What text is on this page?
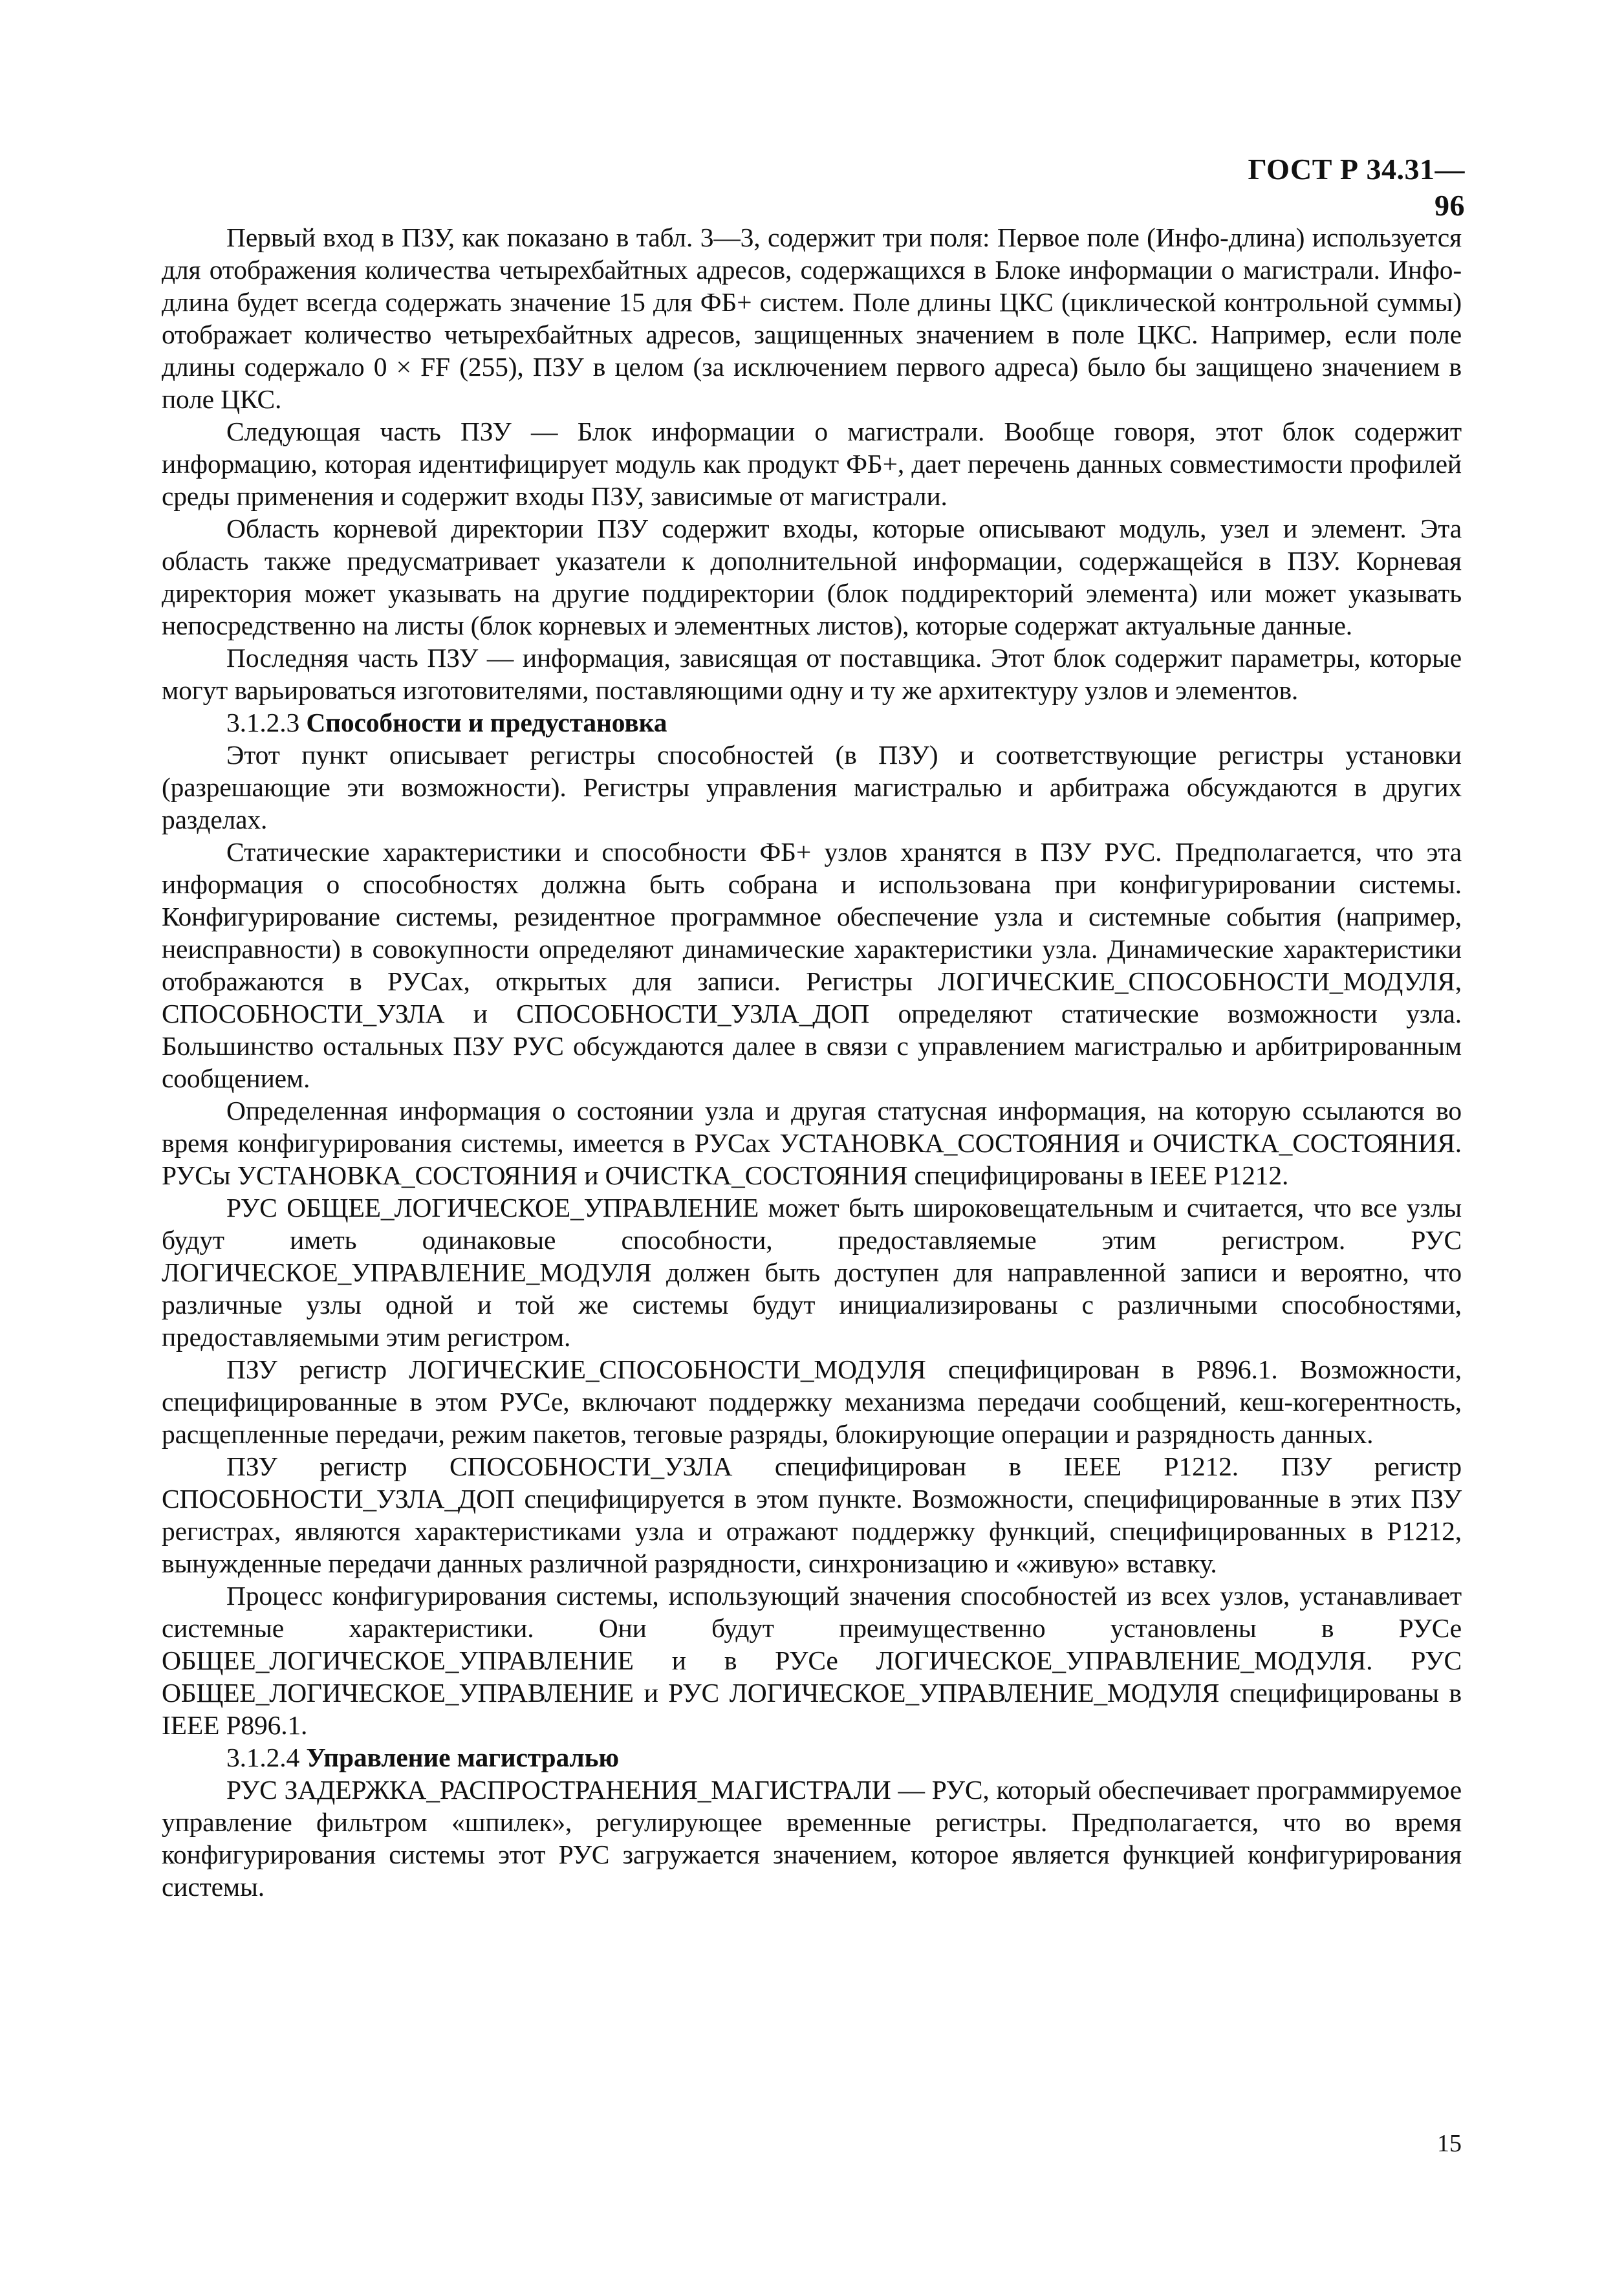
ГОСТ Р 34.31—96

Первый вход в ПЗУ, как показано в табл. 3—3, содержит три поля: Первое поле (Инфо-длина) используется для отображения количества четырехбайтных адресов, содержащихся в Блоке информации о магистрали. Инфо-длина будет всегда содержать значение 15 для ФБ+ систем. Поле длины ЦКС (циклической контрольной суммы) отображает количество четырехбайтных адресов, защищенных значением в поле ЦКС. Например, если поле длины содержало 0 × FF (255), ПЗУ в целом (за исключением первого адреса) было бы защищено значением в поле ЦКС.

Следующая часть ПЗУ — Блок информации о магистрали. Вообще говоря, этот блок содержит информацию, которая идентифицирует модуль как продукт ФБ+, дает перечень данных совместимости профилей среды применения и содержит входы ПЗУ, зависимые от магистрали.

Область корневой директории ПЗУ содержит входы, которые описывают модуль, узел и элемент. Эта область также предусматривает указатели к дополнительной информации, содержащейся в ПЗУ. Корневая директория может указывать на другие поддиректории (блок поддиректорий элемента) или может указывать непосредственно на листы (блок корневых и элементных листов), которые содержат актуальные данные.

Последняя часть ПЗУ — информация, зависящая от поставщика. Этот блок содержит параметры, которые могут варьироваться изготовителями, поставляющими одну и ту же архитектуру узлов и элементов.

3.1.2.3 Способности и предустановка

Этот пункт описывает регистры способностей (в ПЗУ) и соответствующие регистры установки (разрешающие эти возможности). Регистры управления магистралью и арбитража обсуждаются в других разделах.

Статические характеристики и способности ФБ+ узлов хранятся в ПЗУ РУС. Предполагается, что эта информация о способностях должна быть собрана и использована при конфигурировании системы. Конфигурирование системы, резидентное программное обеспечение узла и системные события (например, неисправности) в совокупности определяют динамические характеристики узла. Динамические характеристики отображаются в РУСах, открытых для записи. Регистры ЛОГИЧЕСКИЕ_СПОСОБНОСТИ_МОДУЛЯ, СПОСОБНОСТИ_УЗЛА и СПОСОБНОСТИ_УЗЛА_ДОП определяют статические возможности узла. Большинство остальных ПЗУ РУС обсуждаются далее в связи с управлением магистралью и арбитрированным сообщением.

Определенная информация о состоянии узла и другая статусная информация, на которую ссылаются во время конфигурирования системы, имеется в РУСах УСТАНОВКА_СОСТОЯНИЯ и ОЧИСТКА_СОСТОЯНИЯ. РУСы УСТАНОВКА_СОСТОЯНИЯ и ОЧИСТКА_СОСТОЯНИЯ специфицированы в IEEE P1212.

РУС ОБЩЕЕ_ЛОГИЧЕСКОЕ_УПРАВЛЕНИЕ может быть широковещательным и считается, что все узлы будут иметь одинаковые способности, предоставляемые этим регистром. РУС ЛОГИЧЕСКОЕ_УПРАВЛЕНИЕ_МОДУЛЯ должен быть доступен для направленной записи и вероятно, что различные узлы одной и той же системы будут инициализированы с различными способностями, предоставляемыми этим регистром.

ПЗУ регистр ЛОГИЧЕСКИЕ_СПОСОБНОСТИ_МОДУЛЯ специфицирован в P896.1. Возможности, специфицированные в этом РУСе, включают поддержку механизма передачи сообщений, кеш-когерентность, расщепленные передачи, режим пакетов, теговые разряды, блокирующие операции и разрядность данных.

ПЗУ регистр СПОСОБНОСТИ_УЗЛА специфицирован в IEEE P1212. ПЗУ регистр СПОСОБНОСТИ_УЗЛА_ДОП специфицируется в этом пункте. Возможности, специфицированные в этих ПЗУ регистрах, являются характеристиками узла и отражают поддержку функций, специфицированных в P1212, вынужденные передачи данных различной разрядности, синхронизацию и «живую» вставку.

Процесс конфигурирования системы, использующий значения способностей из всех узлов, устанавливает системные характеристики. Они будут преимущественно установлены в РУСе ОБЩЕЕ_ЛОГИЧЕСКОЕ_УПРАВЛЕНИЕ и в РУСе ЛОГИЧЕСКОЕ_УПРАВЛЕНИЕ_МОДУЛЯ. РУС ОБЩЕЕ_ЛОГИЧЕСКОЕ_УПРАВЛЕНИЕ и РУС ЛОГИЧЕСКОЕ_УПРАВЛЕНИЕ_МОДУЛЯ специфицированы в IEEE P896.1.

3.1.2.4 Управление магистралью

РУС ЗАДЕРЖКА_РАСПРОСТРАНЕНИЯ_МАГИСТРАЛИ — РУС, который обеспечивает программируемое управление фильтром «шпилек», регулирующее временные регистры. Предполагается, что во время конфигурирования системы этот РУС загружается значением, которое является функцией конфигурирования системы.

15
